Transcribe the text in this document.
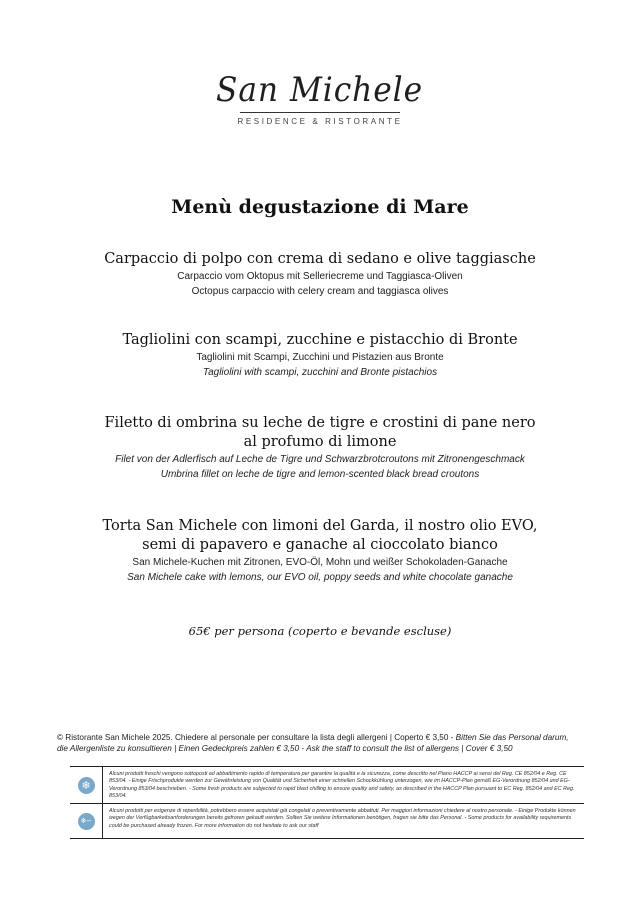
San Michele
RESIDENCE & RISTORANTE
Menù degustazione di Mare
Carpaccio di polpo con crema di sedano e olive taggiasche
Carpaccio vom Oktopus mit Selleriecreme und Taggiasca-Oliven
Octopus carpaccio with celery cream and taggiasca olives
Tagliolini con scampi, zucchine e pistacchio di Bronte
Tagliolini mit Scampi, Zucchini und Pistazien aus Bronte
Tagliolini with scampi, zucchini and Bronte pistachios
Filetto di ombrina su leche de tigre e crostini di pane nero
al profumo di limone
Filet von der Adlerfisch auf Leche de Tigre und Schwarzbrotcroutons mit Zitronengeschmack
Umbrina fillet on leche de tigre and lemon-scented black bread croutons
Torta San Michele con limoni del Garda, il nostro olio EVO,
semi di papavero e ganache al cioccolato bianco
San Michele-Kuchen mit Zitronen, EVO-Öl, Mohn und weißer Schokoladen-Ganache
San Michele cake with lemons, our EVO oil, poppy seeds and white chocolate ganache
65€ per persona (coperto e bevande escluse)
© Ristorante San Michele 2025. Chiedere al personale per consultare la lista degli allergeni | Coperto € 3,50 - Bitten Sie das Personal darum, die Allergenliste zu konsultieren | Einen Gedeckpreis zahlen € 3,50 - Ask the staff to consult the list of allergens | Cover € 3,50
❄
Alcuni prodotti freschi vengono sottoposti ad abbattimento rapido di temperatura per garantire la qualità e la sicurezza, come descritto nel Piano HACCP ai sensi del Reg. CE 852/04 e Reg. CE 853/04. - Einige Frischprodukte werden zur Gewährleistung von Qualität und Sicherheit einer schnellen Schockkühlung unterzogen, wie im HACCP-Plan gemäß EG-Verordnung 852/04 und EG-Verordnung 853/04 beschrieben. - Some fresh products are subjected to rapid blast chilling to ensure quality and safety, as described in the HACCP Plan pursuant to EC Reg. 852/04 and EC Reg. 853/04.
❄−
Alcuni prodotti per esigenze di reperibilità, potrebbero essere acquistati già congelati o preventivamente abbattuti. Per maggiori informazioni chiedere al nostro personale. - Einige Produkte können wegen der Verfügbarkeitsanforderungen bereits gefroren gekauft werden. Sollten Sie weitere Informationen benötigen, fragen sie bitte das Personal. - Some products for availability requirements could be purchased already frozen. For more information do not hesitate to ask our staff
